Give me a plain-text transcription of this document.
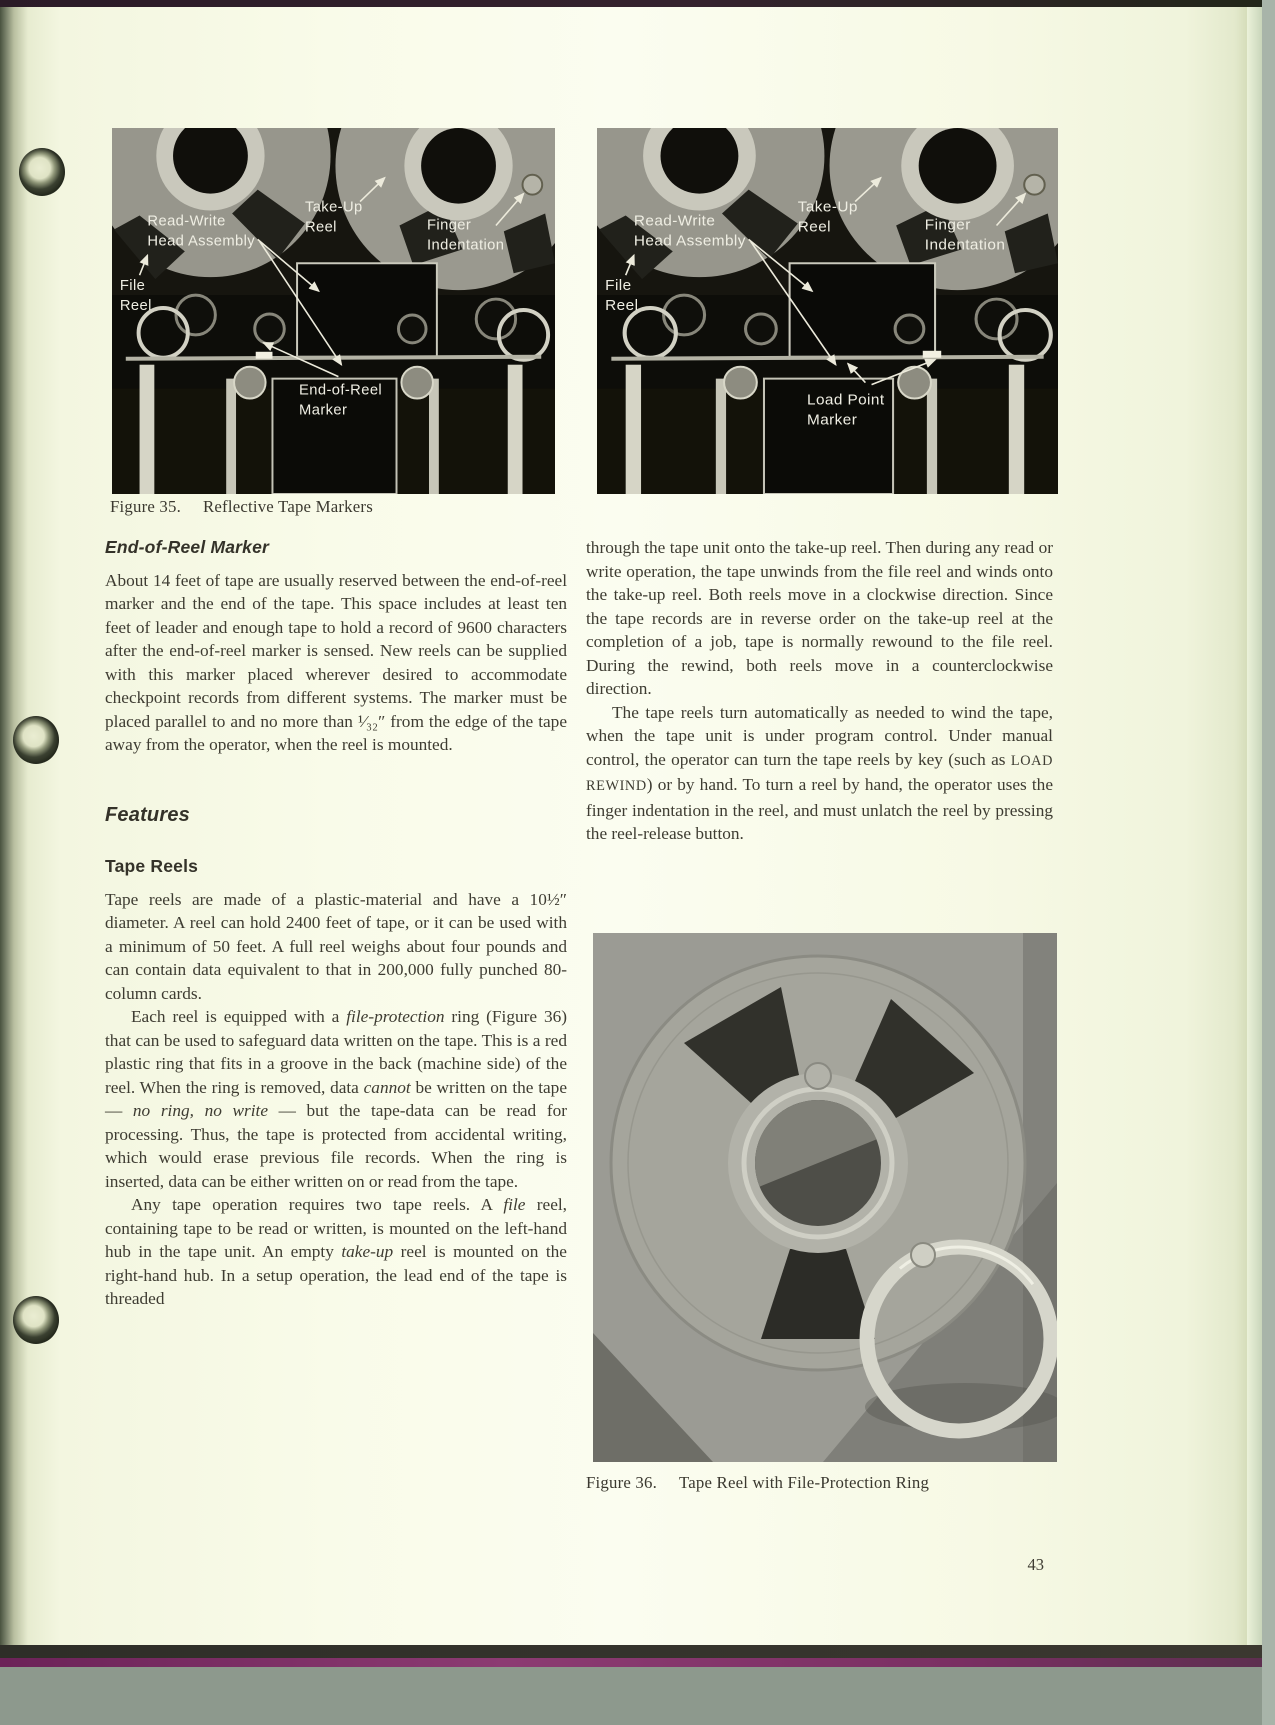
Read-Write
Head Assembly
Take-Up
Reel	Finger
Indentation
File
Reel
End-of-Reel
Marker
Read-Write
Head Assembly
Take-Up
Reel	Finger
Indentation
File
Reel
Load Point
Marker
Figure 35. Reflective Tape Markers
End-of-Reel Marker

About 14 feet of tape are usually reserved between the end-of-reel marker and the end of the tape. This space includes at least ten feet of leader and enough tape to hold a record of 9600 characters after the end-of-reel marker is sensed. New reels can be supplied with this marker placed wherever desired to accommodate checkpoint records from different systems. The marker must be placed parallel to and no more than ¹⁄₃₂″ from the edge of the tape away from the operator, when the reel is mounted.

Features
Tape Reels

Tape reels are made of a plastic-material and have a 10½″ diameter. A reel can hold 2400 feet of tape, or it can be used with a minimum of 50 feet. A full reel weighs about four pounds and can contain data equivalent to that in 200,000 fully punched 80-column cards.

Each reel is equipped with a file-protection ring (Figure 36) that can be used to safeguard data written on the tape. This is a red plastic ring that fits in a groove in the back (machine side) of the reel. When the ring is removed, data cannot be written on the tape — no ring, no write — but the tape-data can be read for processing. Thus, the tape is protected from accidental writing, which would erase previous file records. When the ring is inserted, data can be either written on or read from the tape.

Any tape operation requires two tape reels. A file reel, containing tape to be read or written, is mounted on the left-hand hub in the tape unit. An empty take-up reel is mounted on the right-hand hub. In a setup operation, the lead end of the tape is threaded

through the tape unit onto the take-up reel. Then during any read or write operation, the tape unwinds from the file reel and winds onto the take-up reel. Both reels move in a clockwise direction. Since the tape records are in reverse order on the take-up reel at the completion of a job, tape is normally rewound to the file reel. During the rewind, both reels move in a counterclockwise direction.

The tape reels turn automatically as needed to wind the tape, when the tape unit is under program control. Under manual control, the operator can turn the tape reels by key (such as LOAD REWIND) or by hand. To turn a reel by hand, the operator uses the finger indentation in the reel, and must unlatch the reel by pressing the reel-release button.

Figure 36. Tape Reel with File-Protection Ring
43
